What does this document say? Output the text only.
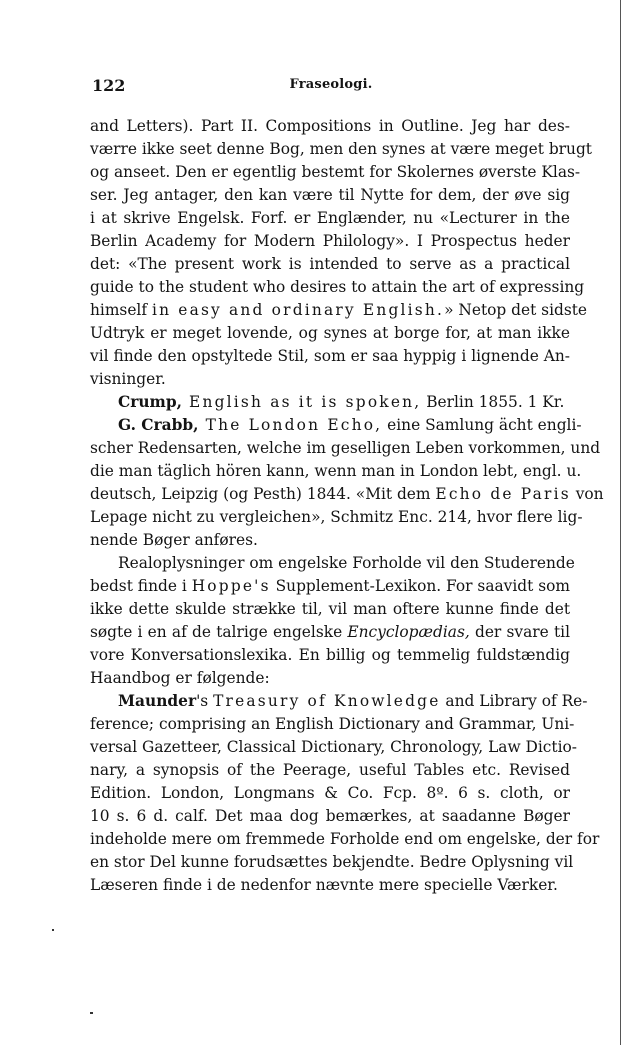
122	Fraseologi.
and Letters). Part II. Compositions in Outline. Jeg har des-
værre ikke seet denne Bog, men den synes at være meget brugt
og anseet. Den er egentlig bestemt for Skolernes øverste Klas-
ser. Jeg antager, den kan være til Nytte for dem, der øve sig
i at skrive Engelsk. Forf. er Englænder, nu «Lecturer in the
Berlin Academy for Modern Philology». I Prospectus heder
det: «The present work is intended to serve as a practical
guide to the student who desires to attain the art of expressing
himself in easy and ordinary English.» Netop det sidste
Udtryk er meget lovende, og synes at borge for, at man ikke
vil finde den opstyltede Stil, som er saa hyppig i lignende An-
visninger.
Crump, English as it is spoken, Berlin 1855. 1 Kr.
G. Crabb, The London Echo, eine Samlung ächt engli-
scher Redensarten, welche im geselligen Leben vorkommen, und
die man täglich hören kann, wenn man in London lebt, engl. u.
deutsch, Leipzig (og Pesth) 1844. «Mit dem Echo de Paris von
Lepage nicht zu vergleichen», Schmitz Enc. 214, hvor flere lig-
nende Bøger anføres.
Realoplysninger om engelske Forholde vil den Studerende
bedst finde i Hoppe's Supplement-Lexikon. For saavidt som
ikke dette skulde strække til, vil man oftere kunne finde det
søgte i en af de talrige engelske Encyclopædias, der svare til
vore Konversationslexika. En billig og temmelig fuldstændig
Haandbog er følgende:
Maunder's Treasury of Knowledge and Library of Re-
ference; comprising an English Dictionary and Grammar, Uni-
versal Gazetteer, Classical Dictionary, Chronology, Law Dictio-
nary, a synopsis of the Peerage, useful Tables etc. Revised
Edition. London, Longmans & Co. Fcp. 8º. 6 s. cloth, or
10 s. 6 d. calf. Det maa dog bemærkes, at saadanne Bøger
indeholde mere om fremmede Forholde end om engelske, der for
en stor Del kunne forudsættes bekjendte. Bedre Oplysning vil
Læseren finde i de nedenfor nævnte mere specielle Værker.
